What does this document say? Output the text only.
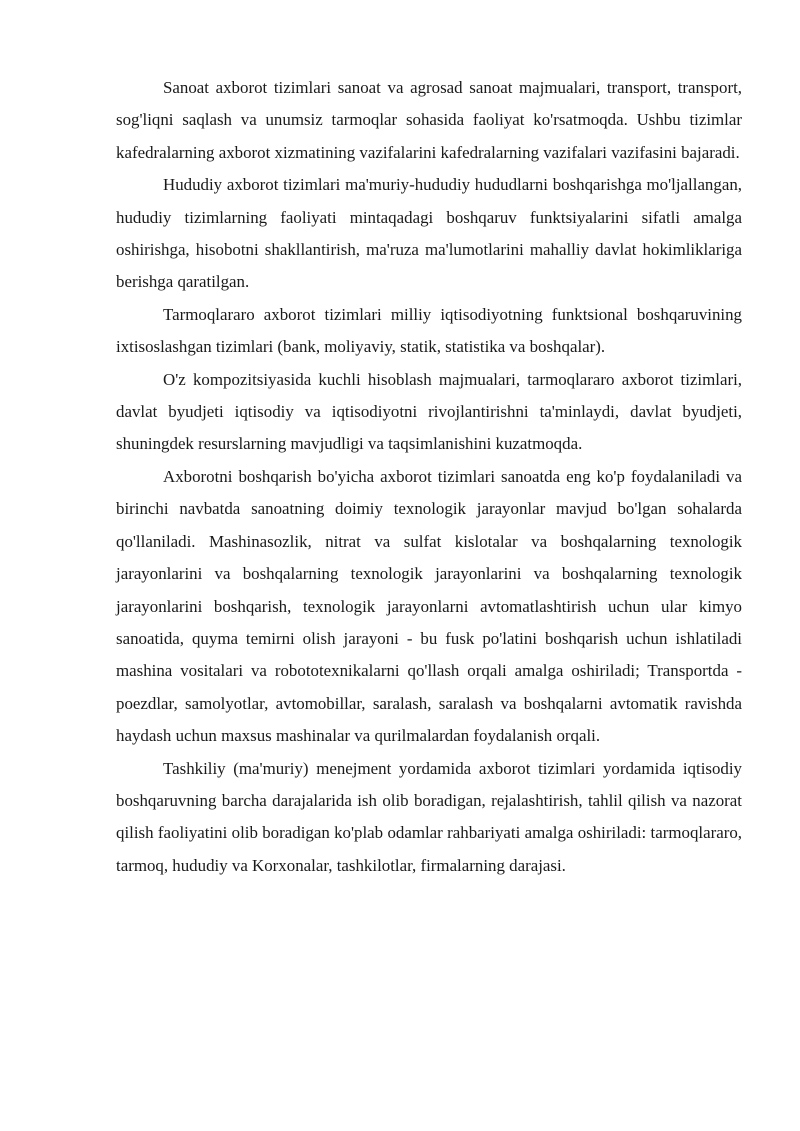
Sanoat axborot tizimlari sanoat va agrosad sanoat majmualari, transport, transport, sog'liqni saqlash va unumsiz tarmoqlar sohasida faoliyat ko'rsatmoqda. Ushbu tizimlar kafedralarning axborot xizmatining vazifalarini kafedralarning vazifalari vazifasini bajaradi.

Hududiy axborot tizimlari ma'muriy-hududiy hududlarni boshqarishga mo'ljallangan, hududiy tizimlarning faoliyati mintaqadagi boshqaruv funktsiyalarini sifatli amalga oshirishga, hisobotni shakllantirish, ma'ruza ma'lumotlarini mahalliy davlat hokimliklariga berishga qaratilgan.

Tarmoqlararo axborot tizimlari milliy iqtisodiyotning funktsional boshqaruvining ixtisoslashgan tizimlari (bank, moliyaviy, statik, statistika va boshqalar).

O'z kompozitsiyasida kuchli hisoblash majmualari, tarmoqlararo axborot tizimlari, davlat byudjeti iqtisodiy va iqtisodiyotni rivojlantirishni ta'minlaydi, davlat byudjeti, shuningdek resurslarning mavjudligi va taqsimlanishini kuzatmoqda.

Axborotni boshqarish bo'yicha axborot tizimlari sanoatda eng ko'p foydalaniladi va birinchi navbatda sanoatning doimiy texnologik jarayonlar mavjud bo'lgan sohalarda qo'llaniladi. Mashinasozlik, nitrat va sulfat kislotalar va boshqalarning texnologik jarayonlarini va boshqalarning texnologik jarayonlarini va boshqalarning texnologik jarayonlarini boshqarish, texnologik jarayonlarni avtomatlashtirish uchun ular kimyo sanoatida, quyma temirni olish jarayoni - bu fusk po'latini boshqarish uchun ishlatiladi mashina vositalari va robototexnikalarni qo'llash orqali amalga oshiriladi; Transportda - poezdlar, samolyotlar, avtomobillar, saralash, saralash va boshqalarni avtomatik ravishda haydash uchun maxsus mashinalar va qurilmalardan foydalanish orqali.

Tashkiliy (ma'muriy) menejment yordamida axborot tizimlari yordamida iqtisodiy boshqaruvning barcha darajalarida ish olib boradigan, rejalashtirish, tahlil qilish va nazorat qilish faoliyatini olib boradigan ko'plab odamlar rahbariyati amalga oshiriladi: tarmoqlararo, tarmoq, hududiy va Korxonalar, tashkilotlar, firmalarning darajasi.
